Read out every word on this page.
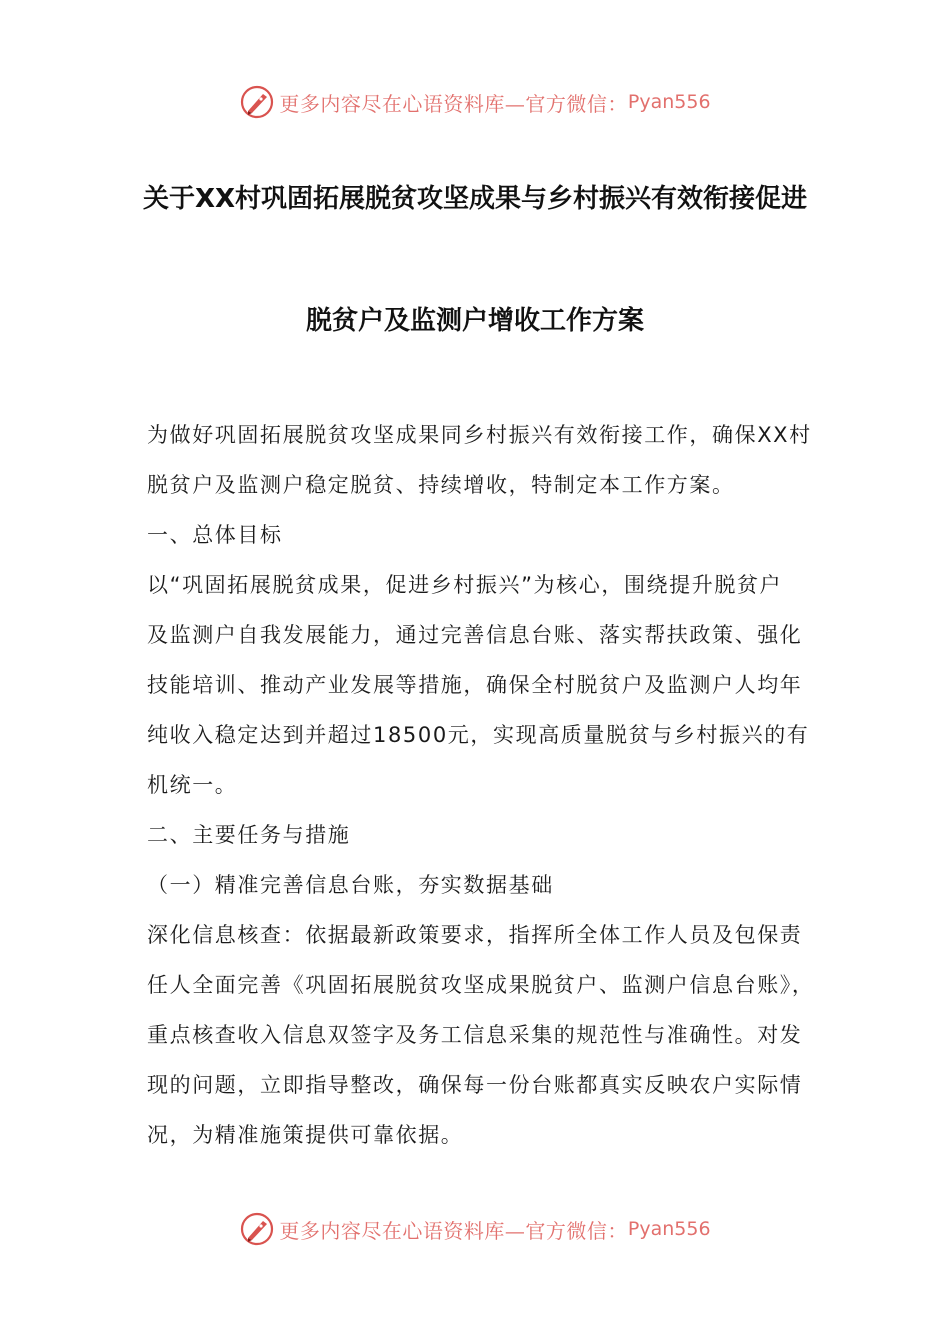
更多内容尽在心语资料库—官方微信： Pyan556
关于XX村巩固拓展脱贫攻坚成果与乡村振兴有效衔接促进
脱贫户及监测户增收工作方案
为做好巩固拓展脱贫攻坚成果同乡村振兴有效衔接工作，确保XX村
脱贫户及监测户稳定脱贫、持续增收，特制定本工作方案。
一、总体目标
以“巩固拓展脱贫成果，促进乡村振兴”为核心，围绕提升脱贫户
及监测户自我发展能力，通过完善信息台账、落实帮扶政策、强化
技能培训、推动产业发展等措施，确保全村脱贫户及监测户人均年
纯收入稳定达到并超过18500元，实现高质量脱贫与乡村振兴的有
机统一。
二、主要任务与措施
（一）精准完善信息台账，夯实数据基础
深化信息核查：依据最新政策要求，指挥所全体工作人员及包保责
任人全面完善《巩固拓展脱贫攻坚成果脱贫户、监测户信息台账》，
重点核查收入信息双签字及务工信息采集的规范性与准确性。对发
现的问题，立即指导整改，确保每一份台账都真实反映农户实际情
况，为精准施策提供可靠依据。
更多内容尽在心语资料库—官方微信： Pyan556
